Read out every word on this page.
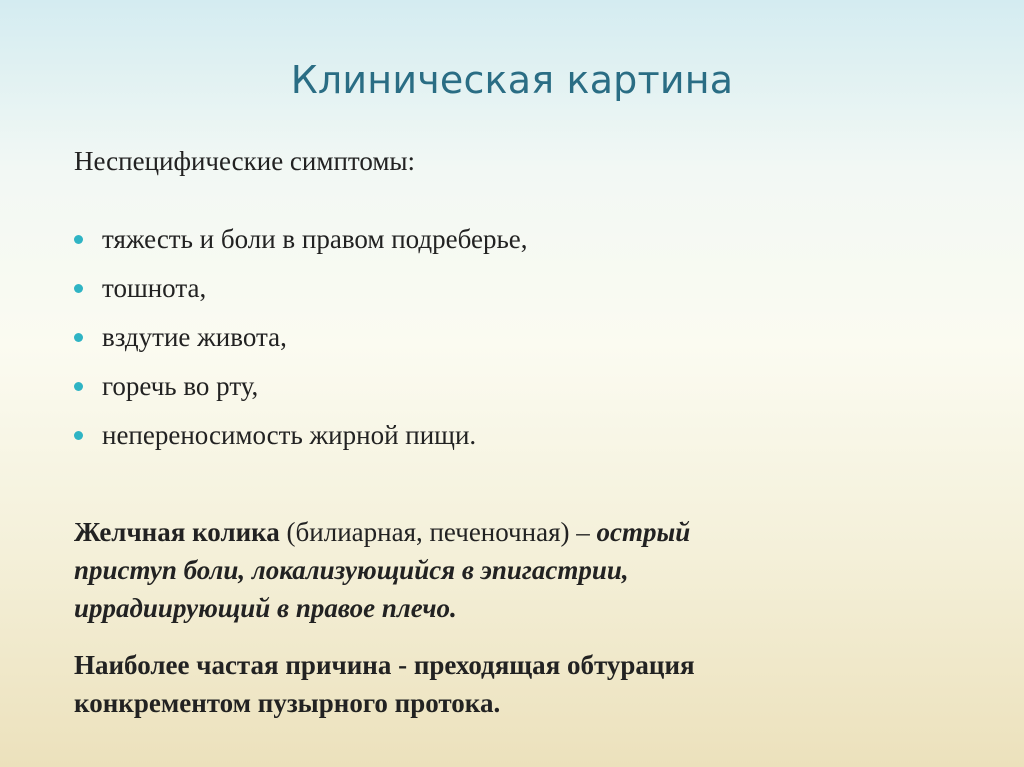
Клиническая картина
Неспецифические симптомы:
тяжесть и боли в правом подреберье,
тошнота,
вздутие живота,
горечь во рту,
непереносимость жирной пищи.
Желчная колика (билиарная, печеночная) – острый
приступ боли, локализующийся в эпигастрии,
иррадиирующий в правое плечо.
Наиболее частая причина - преходящая обтурация
конкрементом пузырного протока.
